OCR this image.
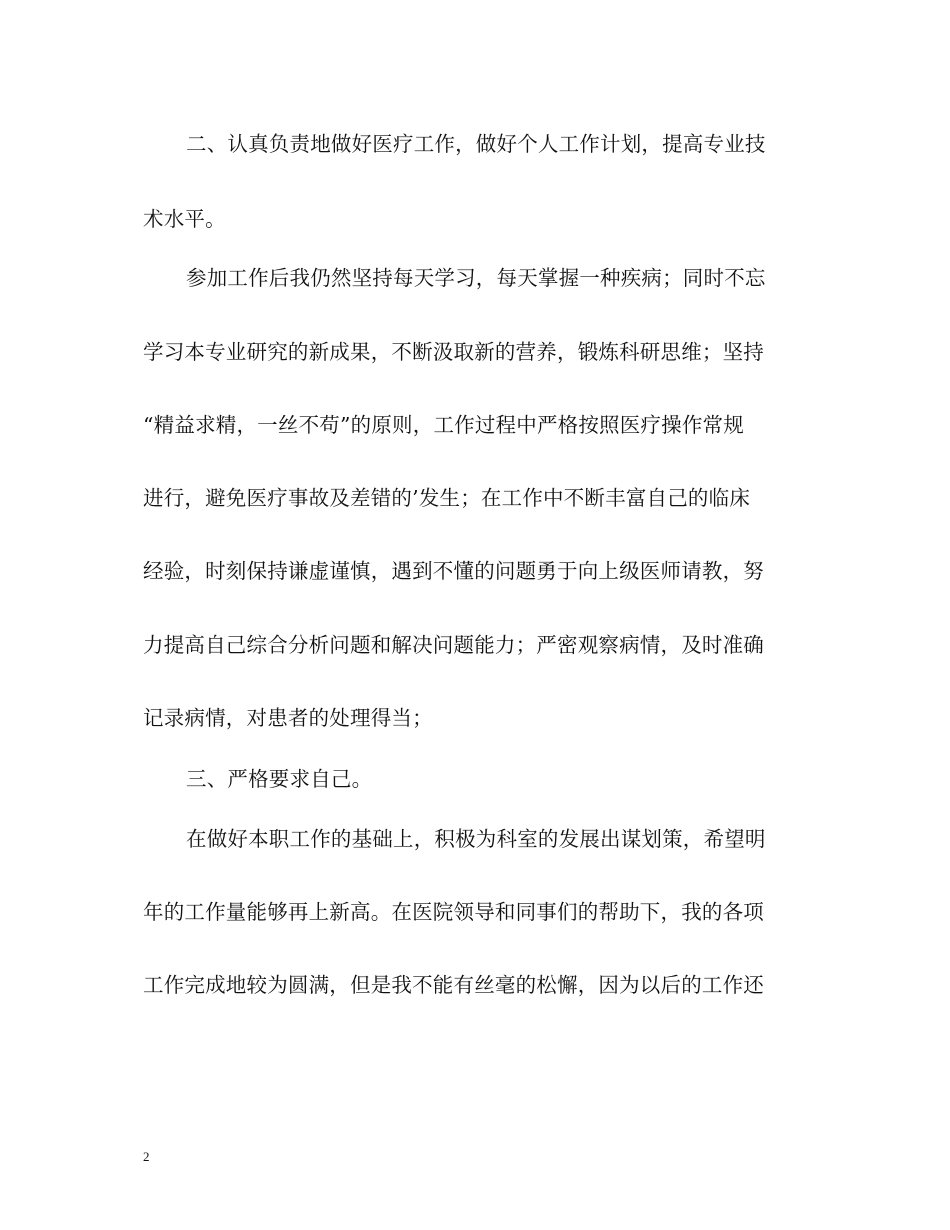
二、认真负责地做好医疗工作，做好个人工作计划，提高专业技
术水平。
参加工作后我仍然坚持每天学习，每天掌握一种疾病；同时不忘
学习本专业研究的新成果，不断汲取新的营养，锻炼科研思维；坚持
“精益求精，一丝不苟”的原则，工作过程中严格按照医疗操作常规
进行，避免医疗事故及差错的’发生；在工作中不断丰富自己的临床
经验，时刻保持谦虚谨慎，遇到不懂的问题勇于向上级医师请教，努
力提高自己综合分析问题和解决问题能力；严密观察病情，及时准确
记录病情，对患者的处理得当；
三、严格要求自己。
在做好本职工作的基础上，积极为科室的发展出谋划策，希望明
年的工作量能够再上新高。在医院领导和同事们的帮助下，我的各项
工作完成地较为圆满，但是我不能有丝毫的松懈，因为以后的工作还
2
